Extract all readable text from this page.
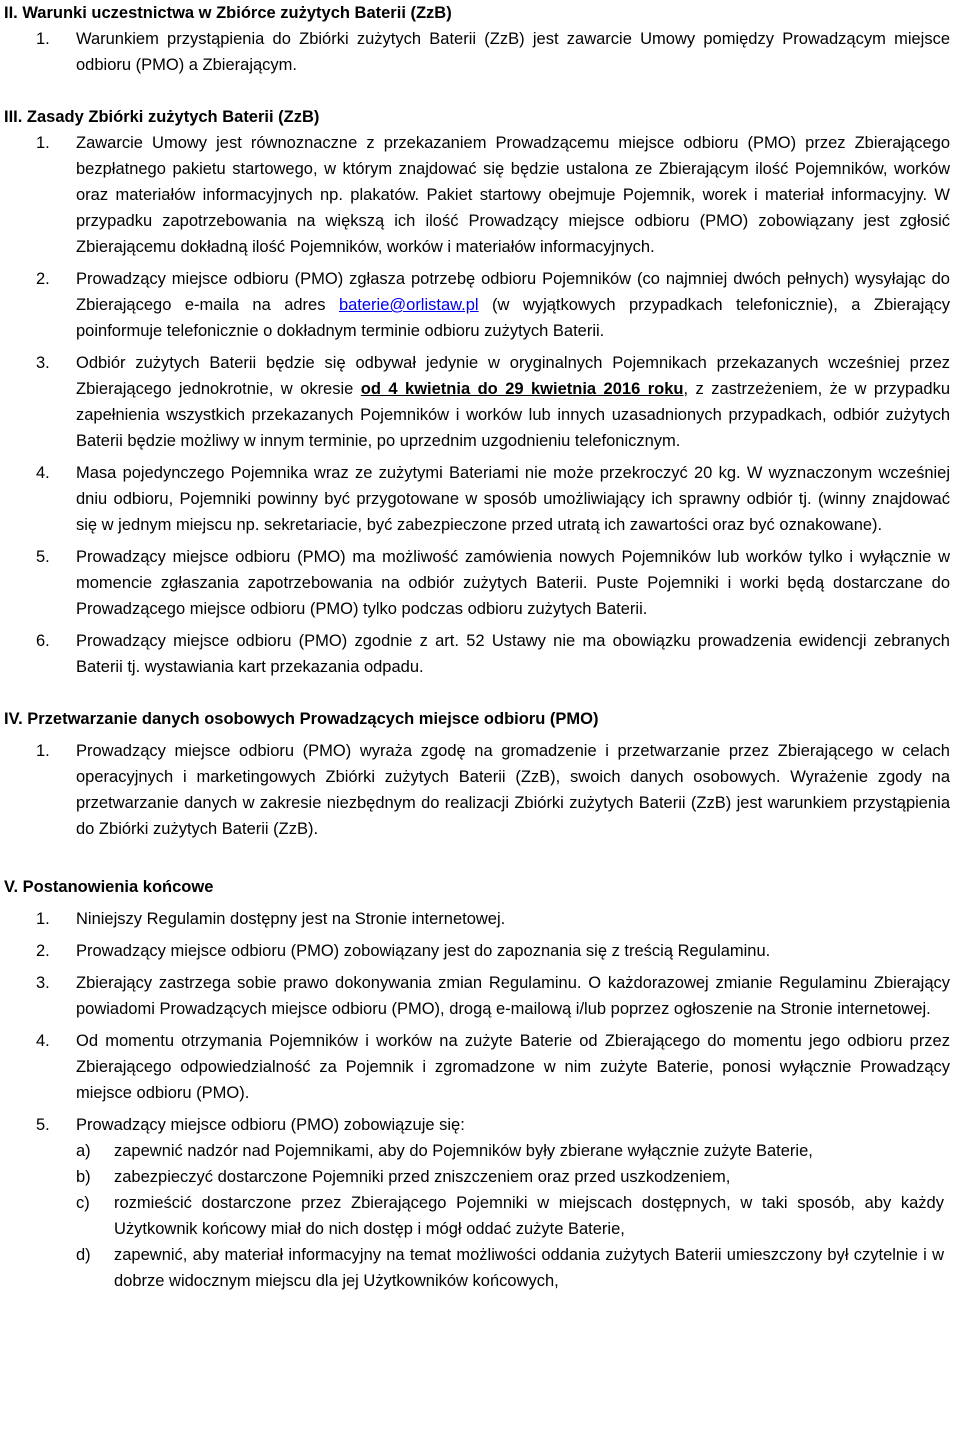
II. Warunki uczestnictwa w Zbiórce zużytych Baterii (ZzB)

1.	Warunkiem przystąpienia do Zbiórki zużytych Baterii (ZzB) jest zawarcie Umowy pomiędzy Prowadzącym miejsce odbioru (PMO) a Zbierającym.

III. Zasady Zbiórki zużytych Baterii (ZzB)

1.	Zawarcie Umowy jest równoznaczne z przekazaniem Prowadzącemu miejsce odbioru (PMO) przez Zbierającego bezpłatnego pakietu startowego, w którym znajdować się będzie ustalona ze Zbierającym ilość Pojemników, worków oraz materiałów informacyjnych np. plakatów. Pakiet startowy obejmuje Pojemnik, worek i materiał informacyjny. W przypadku zapotrzebowania na większą ich ilość Prowadzący miejsce odbioru (PMO) zobowiązany jest zgłosić Zbierającemu dokładną ilość Pojemników, worków i materiałów informacyjnych.
2.	Prowadzący miejsce odbioru (PMO) zgłasza potrzebę odbioru Pojemników (co najmniej dwóch pełnych) wysyłając do Zbierającego e-maila na adres baterie@orlistaw.pl (w wyjątkowych przypadkach telefonicznie), a Zbierający poinformuje telefonicznie o dokładnym terminie odbioru zużytych Baterii.
3.	Odbiór zużytych Baterii będzie się odbywał jedynie w oryginalnych Pojemnikach przekazanych wcześniej przez Zbierającego jednokrotnie, w okresie od 4 kwietnia do 29 kwietnia 2016 roku, z zastrzeżeniem, że w przypadku zapełnienia wszystkich przekazanych Pojemników i worków lub innych uzasadnionych przypadkach, odbiór zużytych Baterii będzie możliwy w innym terminie, po uprzednim uzgodnieniu telefonicznym.
4.	Masa pojedynczego Pojemnika wraz ze zużytymi Bateriami nie może przekroczyć 20 kg. W wyznaczonym wcześniej dniu odbioru, Pojemniki powinny być przygotowane w sposób umożliwiający ich sprawny odbiór tj. (winny znajdować się w jednym miejscu np. sekretariacie, być zabezpieczone przed utratą ich zawartości oraz być oznakowane).
5.	Prowadzący miejsce odbioru (PMO) ma możliwość zamówienia nowych Pojemników lub worków tylko i wyłącznie w momencie zgłaszania zapotrzebowania na odbiór zużytych Baterii. Puste Pojemniki i worki będą dostarczane do Prowadzącego miejsce odbioru (PMO) tylko podczas odbioru zużytych Baterii.
6.	Prowadzący miejsce odbioru (PMO) zgodnie z art. 52 Ustawy nie ma obowiązku prowadzenia ewidencji zebranych Baterii tj. wystawiania kart przekazania odpadu.

IV. Przetwarzanie danych osobowych Prowadzących miejsce odbioru (PMO)

1.	Prowadzący miejsce odbioru (PMO) wyraża zgodę na gromadzenie i przetwarzanie przez Zbierającego w celach operacyjnych i marketingowych Zbiórki zużytych Baterii (ZzB), swoich danych osobowych. Wyrażenie zgody na przetwarzanie danych w zakresie niezbędnym do realizacji Zbiórki zużytych Baterii (ZzB) jest warunkiem przystąpienia do Zbiórki zużytych Baterii (ZzB).

V. Postanowienia końcowe

1.	Niniejszy Regulamin dostępny jest na Stronie internetowej.
2.	Prowadzący miejsce odbioru (PMO) zobowiązany jest do zapoznania się z treścią Regulaminu.
3.	Zbierający zastrzega sobie prawo dokonywania zmian Regulaminu. O każdorazowej zmianie Regulaminu Zbierający powiadomi Prowadzących miejsce odbioru (PMO), drogą e-mailową i/lub poprzez ogłoszenie na Stronie internetowej.
4.	Od momentu otrzymania Pojemników i worków na zużyte Baterie od Zbierającego do momentu jego odbioru przez Zbierającego odpowiedzialność za Pojemnik i zgromadzone w nim zużyte Baterie, ponosi wyłącznie Prowadzący miejsce odbioru (PMO).
5.	Prowadzący miejsce odbioru (PMO) zobowiązuje się:
a)	zapewnić nadzór nad Pojemnikami, aby do Pojemników były zbierane wyłącznie zużyte Baterie,
b)	zabezpieczyć dostarczone Pojemniki przed zniszczeniem oraz przed uszkodzeniem,
c)	rozmieścić dostarczone przez Zbierającego Pojemniki w miejscach dostępnych, w taki sposób, aby każdy Użytkownik końcowy miał do nich dostęp i mógł oddać zużyte Baterie,
d)	zapewnić, aby materiał informacyjny na temat możliwości oddania zużytych Baterii umieszczony był czytelnie i w dobrze widocznym miejscu dla jej Użytkowników końcowych,
